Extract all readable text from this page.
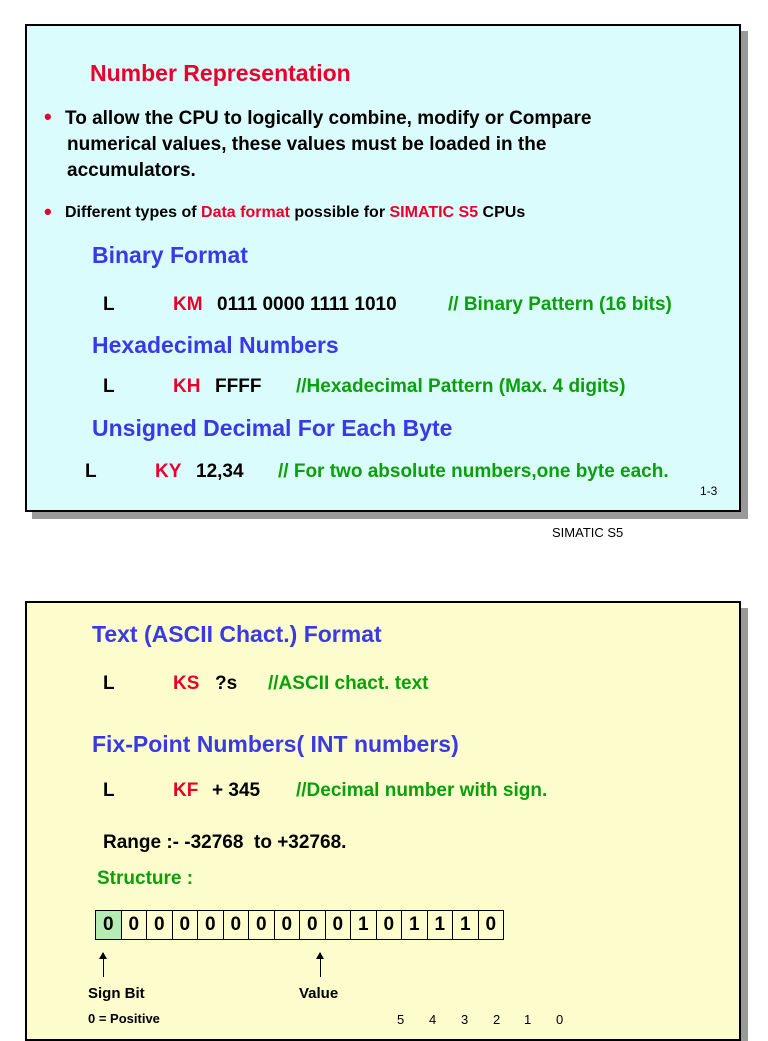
Number Representation
• To allow the CPU to logically combine, modify or Compare
numerical values, these values must be loaded in the
accumulators.
• Different types of Data format possible for SIMATIC S5 CPUs
Binary Format
L	KM 0111 0000 1111 1010	// Binary Pattern (16 bits)
Hexadecimal Numbers
L	KH FFFF //Hexadecimal Pattern (Max. 4 digits)
Unsigned Decimal For Each Byte
L	KY 12,34 // For two absolute numbers,one byte each.
1-3
SIMATIC S5
Text (ASCII Chact.) Format
L	KS ?s //ASCII chact. text
Fix-Point Numbers( INT numbers)
L	KF + 345 //Decimal number with sign.
Range :- -32768  to +32768.
Structure :
0 0 0 0 0 0 0 0 0 0 1 0 1 1 1 0
Sign Bit	Value
0 = Positive	5 4 3 2 1 0
